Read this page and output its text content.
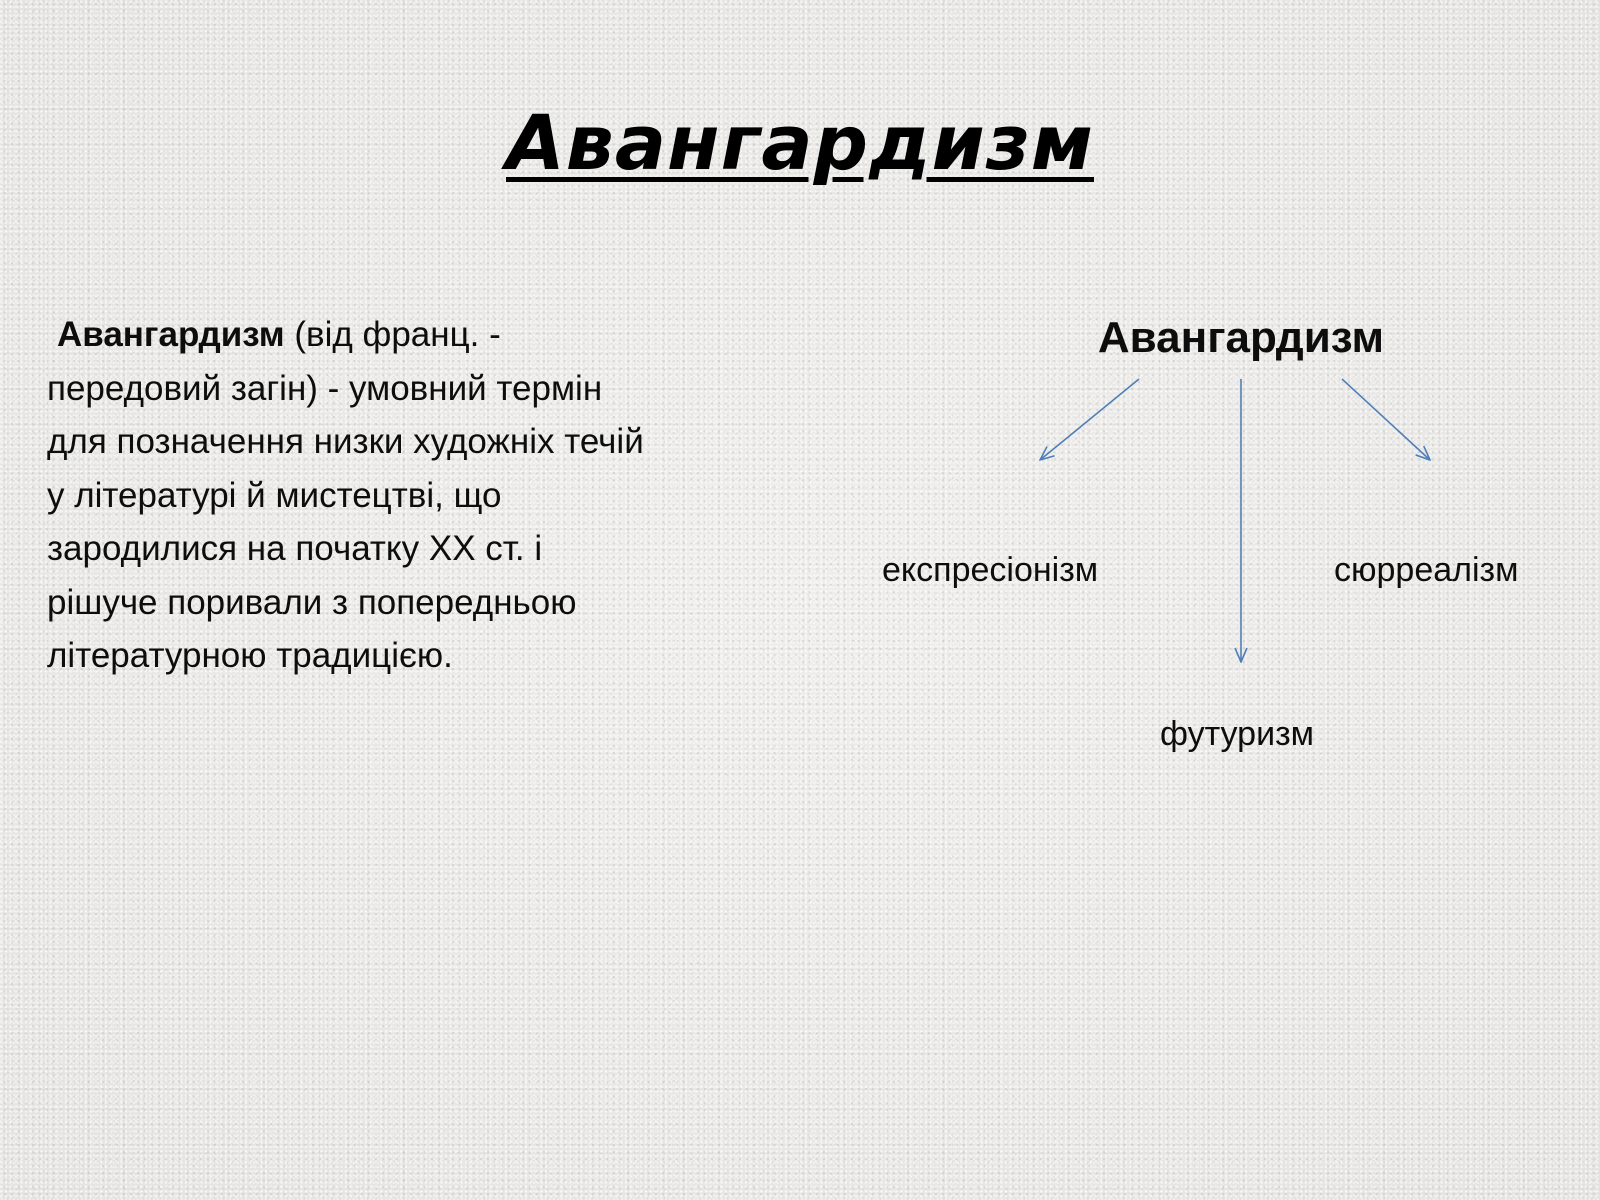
Авангардизм

Авангардизм (від франц. - передовий загін) - умовний термін для позначення низки художніх течій у літературі й мистецтві, що зародилися на початку XX ст. і рішуче поривали з попередньою літературною традицією.

Авангардизм
експресіонізм	сюрреалізм
футуризм
